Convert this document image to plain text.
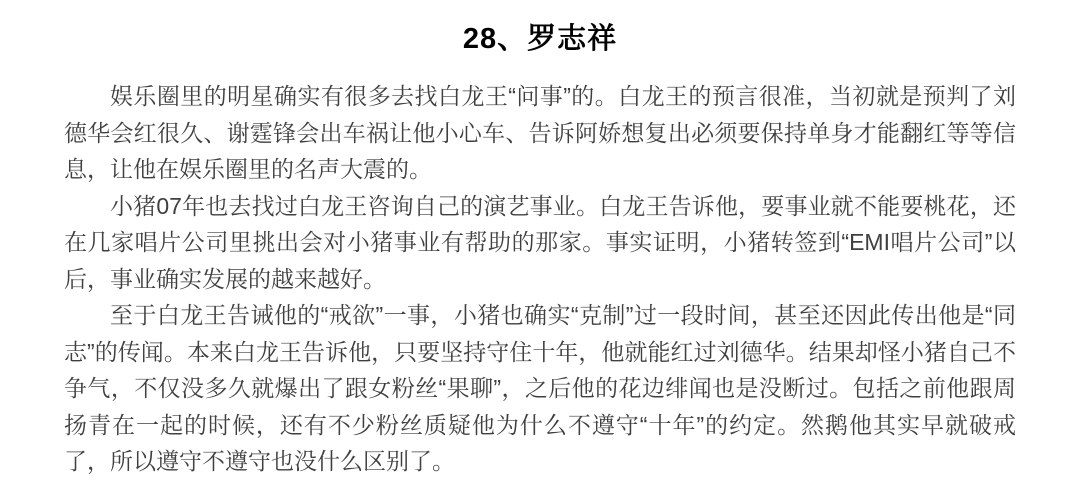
28、罗志祥

娱乐圈里的明星确实有很多去找白龙王“问事”的。白龙王的预言很准，当初就是预判了刘德华会红很久、谢霆锋会出车祸让他小心车、告诉阿娇想复出必须要保持单身才能翻红等等信息，让他在娱乐圈里的名声大震的。

小猪07年也去找过白龙王咨询自己的演艺事业。白龙王告诉他，要事业就不能要桃花，还在几家唱片公司里挑出会对小猪事业有帮助的那家。事实证明，小猪转签到“EMI唱片公司”以后，事业确实发展的越来越好。

至于白龙王告诫他的“戒欲”一事，小猪也确实“克制”过一段时间，甚至还因此传出他是“同志”的传闻。本来白龙王告诉他，只要坚持守住十年，他就能红过刘德华。结果却怪小猪自己不争气，不仅没多久就爆出了跟女粉丝“果聊”，之后他的花边绯闻也是没断过。包括之前他跟周扬青在一起的时候，还有不少粉丝质疑他为什么不遵守“十年”的约定。然鹅他其实早就破戒了，所以遵守不遵守也没什么区别了。
